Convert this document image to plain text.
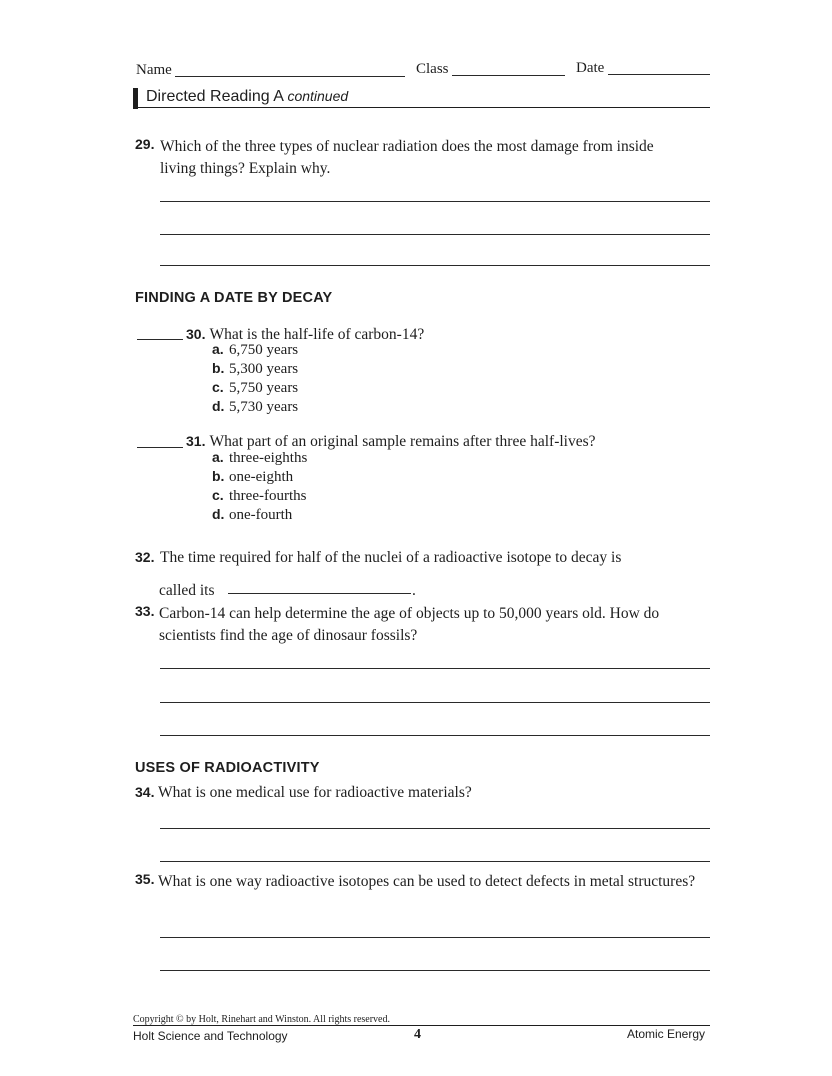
Name	Class	Date
Directed Reading A continued
29. Which of the three types of nuclear radiation does the most damage from inside living things? Explain why.
FINDING A DATE BY DECAY
30. What is the half-life of carbon-14?
a. 6,750 years
b. 5,300 years
c. 5,750 years
d. 5,730 years
31. What part of an original sample remains after three half-lives?
a. three-eighths
b. one-eighth
c. three-fourths
d. one-fourth
32. The time required for half of the nuclei of a radioactive isotope to decay is
called its	.
33. Carbon-14 can help determine the age of objects up to 50,000 years old. How do scientists find the age of dinosaur fossils?
USES OF RADIOACTIVITY
34. What is one medical use for radioactive materials?
35. What is one way radioactive isotopes can be used to detect defects in metal structures?
Copyright © by Holt, Rinehart and Winston. All rights reserved.
Holt Science and Technology	4	Atomic Energy
